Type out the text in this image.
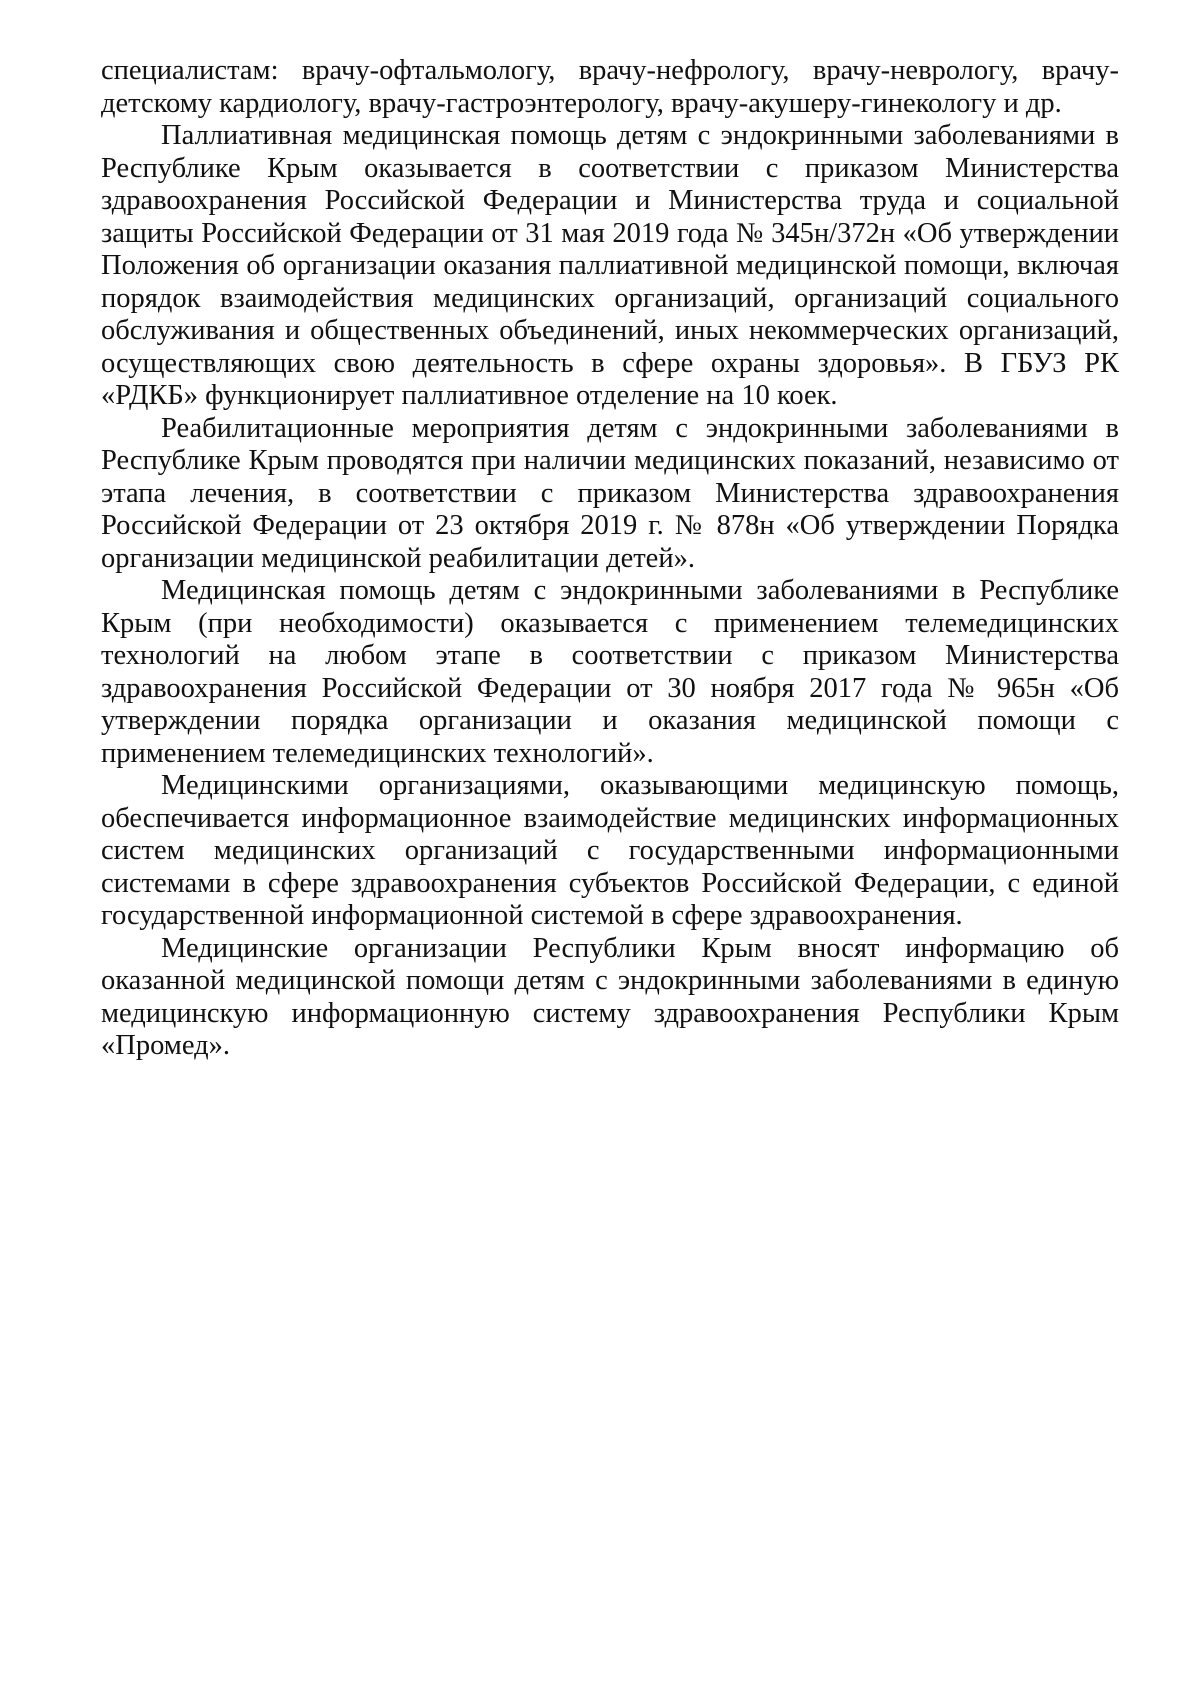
специалистам: врачу-офтальмологу, врачу-нефрологу, врачу-неврологу, врачу-детскому кардиологу, врачу-гастроэнтерологу, врачу-акушеру-гинекологу и др.

Паллиативная медицинская помощь детям с эндокринными заболеваниями в Республике Крым оказывается в соответствии с приказом Министерства здравоохранения Российской Федерации и Министерства труда и социальной защиты Российской Федерации от 31 мая 2019 года № 345н/372н «Об утверждении Положения об организации оказания паллиативной медицинской помощи, включая порядок взаимодействия медицинских организаций, организаций социального обслуживания и общественных объединений, иных некоммерческих организаций, осуществляющих свою деятельность в сфере охраны здоровья». В ГБУЗ РК «РДКБ» функционирует паллиативное отделение на 10 коек.

Реабилитационные мероприятия детям с эндокринными заболеваниями в Республике Крым проводятся при наличии медицинских показаний, независимо от этапа лечения, в соответствии с приказом Министерства здравоохранения Российской Федерации от 23 октября 2019 г. № 878н «Об утверждении Порядка организации медицинской реабилитации детей».

Медицинская помощь детям с эндокринными заболеваниями в Республике Крым (при необходимости) оказывается с применением телемедицинских технологий на любом этапе в соответствии с приказом Министерства здравоохранения Российской Федерации от 30 ноября 2017 года № 965н «Об утверждении порядка организации и оказания медицинской помощи с применением телемедицинских технологий».

Медицинскими организациями, оказывающими медицинскую помощь, обеспечивается информационное взаимодействие медицинских информационных систем медицинских организаций с государственными информационными системами в сфере здравоохранения субъектов Российской Федерации, с единой государственной информационной системой в сфере здравоохранения.

Медицинские организации Республики Крым вносят информацию об оказанной медицинской помощи детям с эндокринными заболеваниями в единую медицинскую информационную систему здравоохранения Республики Крым «Промед».
